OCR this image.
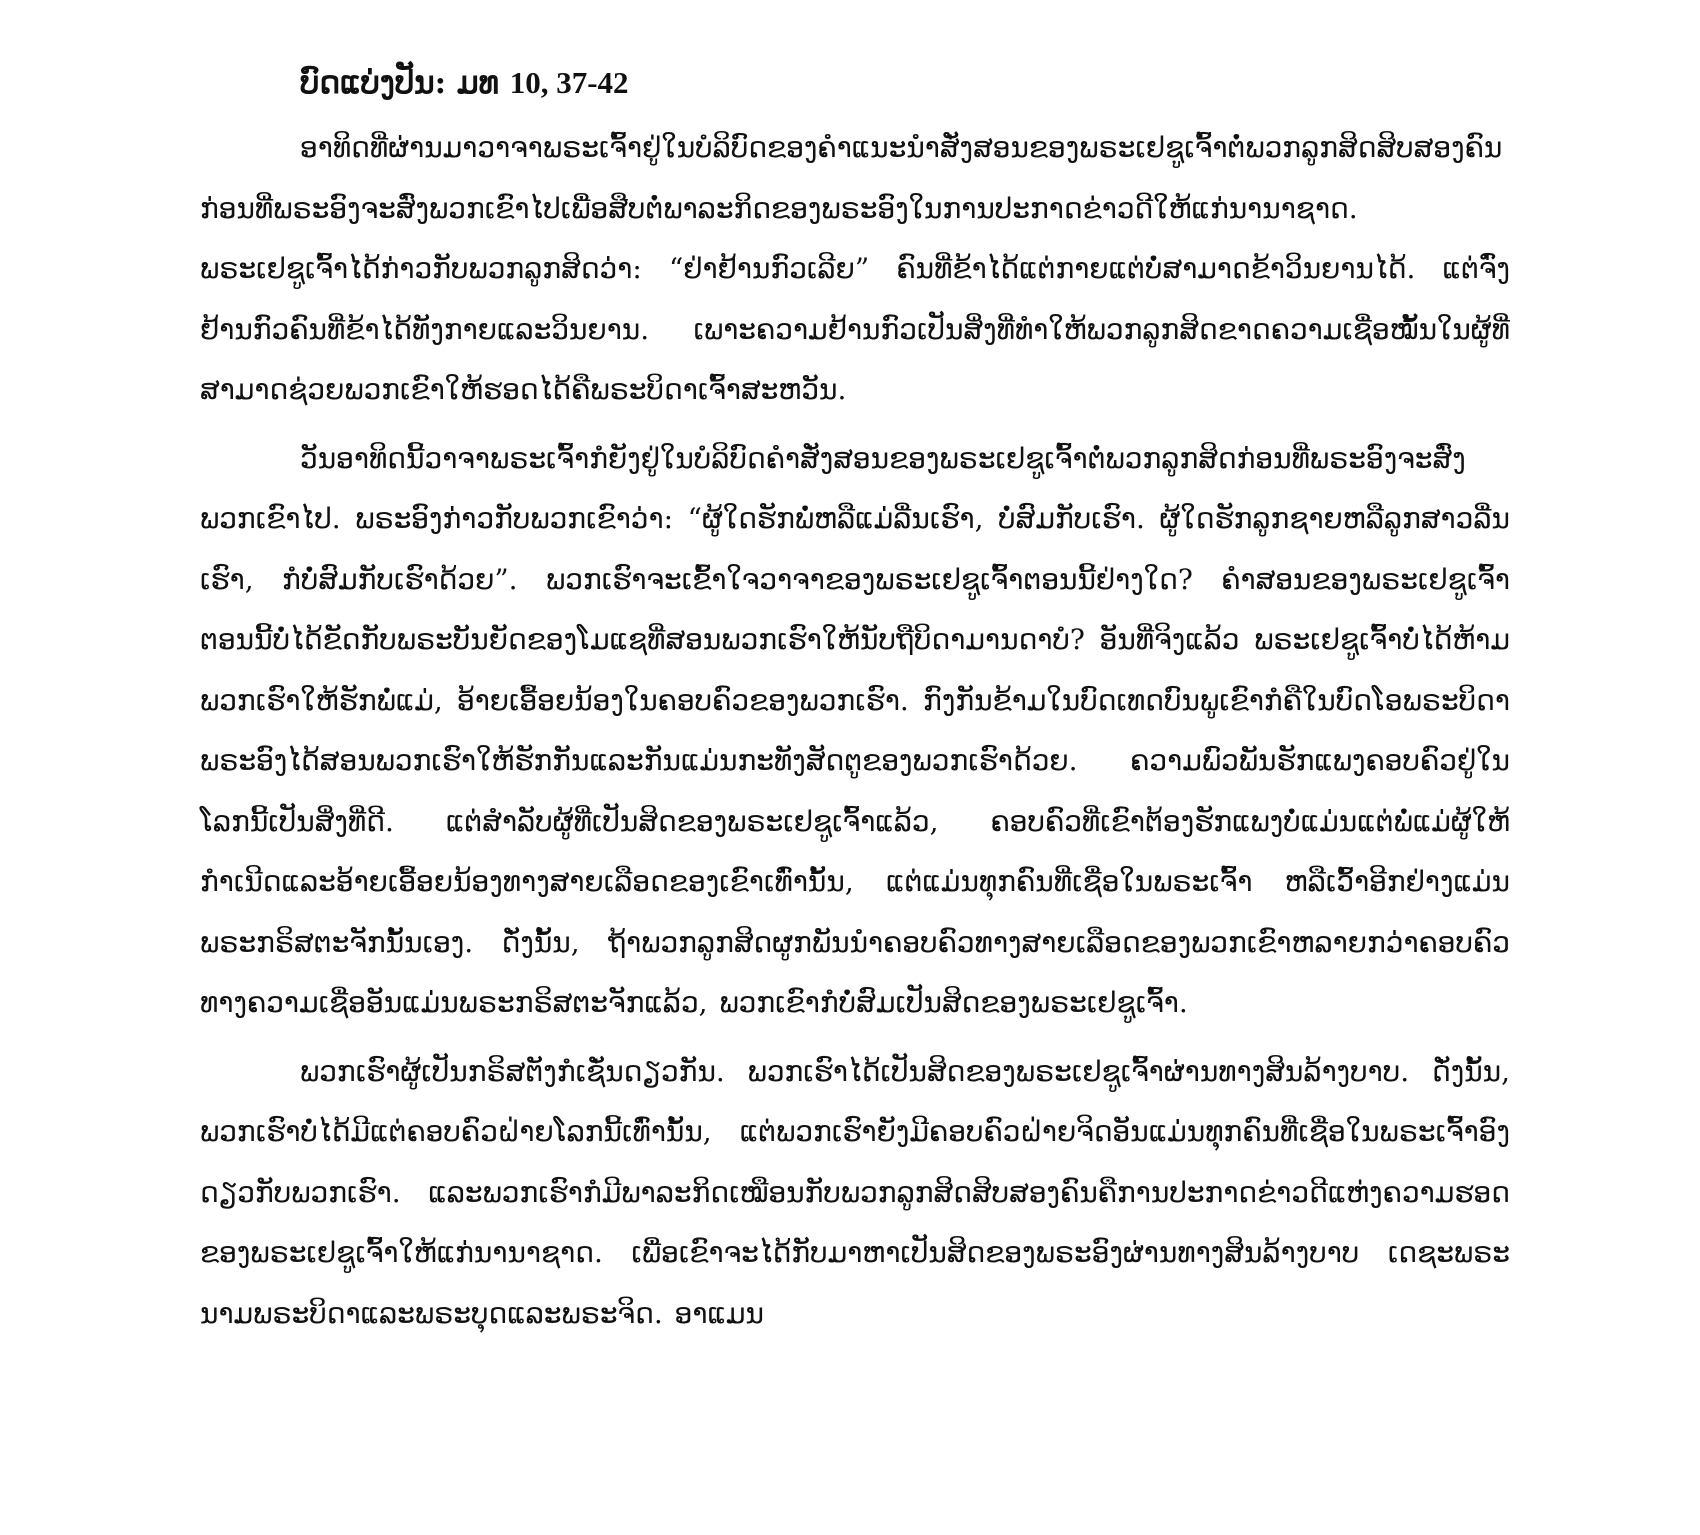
ບົດແບ່ງປັນ: ມທ 10, 37-42

ອາທິດທີ່ຜ່ານມາວາຈາພຣະເຈົ້າຢູ່ໃນບໍລິບົດຂອງຄຳແນະນຳສັ່ງສອນຂອງພຣະເຢຊູເຈົ້າຕໍ່ພວກລູກສິດສິບສອງຄົນກ່ອນທີ່ພຣະອົງຈະສົ່ງພວກເຂົາໄປເພື່ອສືບຕໍ່ພາລະກິດຂອງພຣະອົງໃນການປະກາດຂ່າວດີໃຫ້ແກ່ນານາຊາດ. ພຣະເຢຊູເຈົ້າໄດ້ກ່າວກັບພວກລູກສິດວ່າ: “ຢ່າຢ້ານກົວເລີຍ” ຄົນທີ່ຂ້າໄດ້ແຕ່ກາຍແຕ່ບໍ່ສາມາດຂ້າວິນຍານໄດ້. ແຕ່ຈົ່ງຢ້ານກົວຄົນທີ່ຂ້າໄດ້ທັງກາຍແລະວິນຍານ. ເພາະຄວາມຢ້ານກົວເປັນສິ່ງທີ່ທຳໃຫ້ພວກລູກສິດຂາດຄວາມເຊື່ອໝັ້ນໃນຜູ້ທີ່ສາມາດຊ່ວຍພວກເຂົາໃຫ້ຮອດໄດ້ຄືພຣະບິດາເຈົ້າສະຫວັນ.

ວັນອາທິດນີ້ວາຈາພຣະເຈົ້າກໍຍັງຢູ່ໃນບໍລິບົດຄຳສັ່ງສອນຂອງພຣະເຢຊູເຈົ້າຕໍ່ພວກລູກສິດກ່ອນທີ່ພຣະອົງຈະສົ່ງພວກເຂົາໄປ. ພຣະອົງກ່າວກັບພວກເຂົາວ່າ: “ຜູ້ໃດຮັກພໍ່ຫລືແມ່ລື່ນເຮົາ, ບໍ່ສົມກັບເຮົາ. ຜູ້ໃດຮັກລູກຊາຍຫລືລູກສາວລື່ນເຮົາ, ກໍບໍ່ສົມກັບເຮົາດ້ວຍ”. ພວກເຮົາຈະເຂົ້າໃຈວາຈາຂອງພຣະເຢຊູເຈົ້າຕອນນີ້ຢ່າງໃດ? ຄຳສອນຂອງພຣະເຢຊູເຈົ້າຕອນນີ້ບໍ່ໄດ້ຂັດກັບພຣະບັນຍັດຂອງໂມແຊທີ່ສອນພວກເຮົາໃຫ້ນັບຖືບິດາມານດາບໍ? ອັນທີ່ຈິງແລ້ວ ພຣະເຢຊູເຈົ້າບໍ່ໄດ້ຫ້າມພວກເຮົາໃຫ້ຮັກພໍ່ແມ່, ອ້າຍເອື້ອຍນ້ອງໃນຄອບຄົວຂອງພວກເຮົາ. ກົງກັນຂ້າມໃນບົດເທດບົນພູເຂົາກໍຄືໃນບົດໂອພຣະບິດາ ພຣະອົງໄດ້ສອນພວກເຮົາໃຫ້ຮັກກັນແລະກັນແມ່ນກະທັງສັດຕູຂອງພວກເຮົາດ້ວຍ. ຄວາມພົວພັນຮັກແພງຄອບຄົວຢູ່ໃນໂລກນີ້ເປັນສິ່ງທີ່ດີ. ແຕ່ສຳລັບຜູ້ທີ່ເປັນສິດຂອງພຣະເຢຊູເຈົ້າແລ້ວ, ຄອບຄົວທີ່ເຂົາຕ້ອງຮັກແພງບໍ່ແມ່ນແຕ່ພໍ່ແມ່ຜູ້ໃຫ້ກຳເນີດແລະອ້າຍເອື້ອຍນ້ອງທາງສາຍເລືອດຂອງເຂົາເທົ່ານັ້ນ, ແຕ່ແມ່ນທຸກຄົນທີ່ເຊື່ອໃນພຣະເຈົ້າ ຫລືເວົ້າອີກຢ່າງແມ່ນພຣະກຣິສຕະຈັກນັ້ນເອງ. ດັ່ງນັ້ນ, ຖ້າພວກລູກສິດຜູກພັນນຳຄອບຄົວທາງສາຍເລືອດຂອງພວກເຂົາຫລາຍກວ່າຄອບຄົວທາງຄວາມເຊື່ອອັນແມ່ນພຣະກຣິສຕະຈັກແລ້ວ, ພວກເຂົາກໍບໍ່ສົມເປັນສິດຂອງພຣະເຢຊູເຈົ້າ.

ພວກເຮົາຜູ້ເປັນກຣິສຕັງກໍເຊັ່ນດຽວກັນ. ພວກເຮົາໄດ້ເປັນສິດຂອງພຣະເຢຊູເຈົ້າຜ່ານທາງສິນລ້າງບາບ. ດັ່ງນັ້ນ, ພວກເຮົາບໍ່ໄດ້ມີແຕ່ຄອບຄົວຝ່າຍໂລກນີ້ເທົ່ານັ້ນ, ແຕ່ພວກເຮົາຍັງມີຄອບຄົວຝ່າຍຈິດອັນແມ່ນທຸກຄົນທີ່ເຊື່ອໃນພຣະເຈົ້າອົງດຽວກັບພວກເຮົາ. ແລະພວກເຮົາກໍມີພາລະກິດເໝືອນກັບພວກລູກສິດສິບສອງຄົນຄືການປະກາດຂ່າວດີແຫ່ງຄວາມຮອດຂອງພຣະເຢຊູເຈົ້າໃຫ້ແກ່ນານາຊາດ. ເພື່ອເຂົາຈະໄດ້ກັບມາຫາເປັນສິດຂອງພຣະອົງຜ່ານທາງສິນລ້າງບາບ ເດຊະພຣະນາມພຣະບິດາແລະພຣະບຸດແລະພຣະຈິດ. ອາແມນ
